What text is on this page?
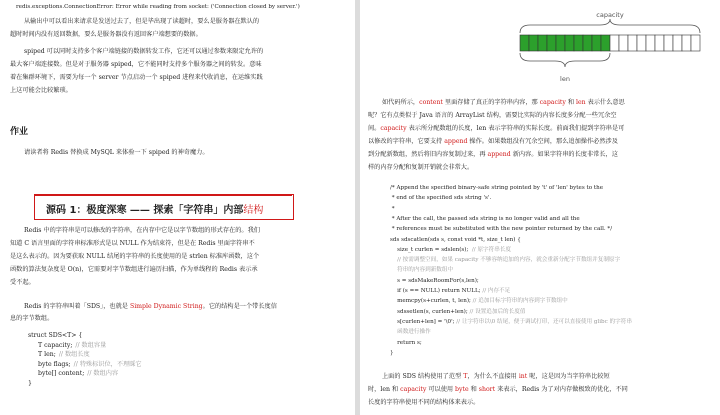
redis.exceptions.ConnectionError: Error while reading from socket: ('Connection closed by server.')
从输出中可以看出来请求是发送过去了，但是毕出现了读超时，要么是服务器在默认的
超时时间内没有返回数据，要么是服务器没有返回客户端想要的数据。
spiped 可以同时支持多个客户端链接的数据转发工作，它还可以通过参数来限定允许的
最大客户端连接数。但是对于服务器 spiped，它不能同时支持多个服务器之间的转发。意味
着在集群环境下，需要为每一个 server 节点启动一个 spiped 进程来代收消息，在运维实践
上这可能会比较繁琐。
作业
请读者将 Redis 替换成 MySQL 来体验一下 spiped 的神奇魔力。
源码 1：极度深寒 —— 探索「字符串」内部结构
Redis 中的字符串是可以修改的字符串，在内存中它是以字节数组的形式存在的。我们
知道 C 语言里面的字符串标准形式是以 NULL 作为结束符，但是在 Redis 里面字符串不
是这么表示的。因为要获取 NULL 结尾的字符串的长度使用的是 strlen 标准库函数，这个
函数的算法复杂度是 O(n)，它需要对字节数组进行遍历扫描，作为单线程的 Redis 表示承
受不起。
Redis 的字符串叫着「SDS」，也就是 Simple Dynamic String。它的结构是一个带长度信
息的字节数组。
struct SDS<T> {
T capacity; // 数组容量
T len; // 数组长度
byte flags; // 特殊标识位，不理睬它
byte[] content; // 数组内容
}
capacity
len
如代码所示，content 里面存储了真正的字符串内容，那 capacity 和 len 表示什么意思
呢？它有点类似于 Java 语言的 ArrayList 结构，需要比实际的内容长度多分配一些冗余空
间。capacity 表示所分配数组的长度，len 表示字符串的实际长度。前面我们提到字符串是可
以修改的字符串，它要支持 append 操作。如果数组没有冗余空间，那么追加操作必然涉及
到分配新数组，然后将旧内容复制过来，再 append 新内容。如果字符串的长度非常长，这
样的内存分配和复制开销就会非常大。
/* Append the specified binary-safe string pointed by 't' of 'len' bytes to the
* end of the specified sds string 's'.
*
* After the call, the passed sds string is no longer valid and all the
* references must be substituted with the new pointer returned by the call. */
sds sdscatlen(sds s, const void *t, size_t len) {
size_t curlen = sdslen(s);  // 原字符串长度
// 按需调整空间，如果 capacity 不够容纳追加的内容，就会重新分配字节数组并复制原字
符串的内容到新数组中
s = sdsMakeRoomFor(s,len);
if (s == NULL) return NULL; // 内存不足
memcpy(s+curlen, t, len); // 追加目标字符串的内容到字节数组中
sdssetlen(s, curlen+len); // 设置追加后的长度值
s[curlen+len] = '\0'; // 让字符串以\0 结尾，便于调试打印，还可以直接使用 glibc 的字符串
函数进行操作
return s;
}
上面的 SDS 结构使用了范型 T，为什么不直接用 int 呢，这是因为当字符串比较短
时，len 和 capacity 可以使用 byte 和 short 来表示，Redis 为了对内存做极致的优化，不同
长度的字符串使用不同的结构体来表示。
